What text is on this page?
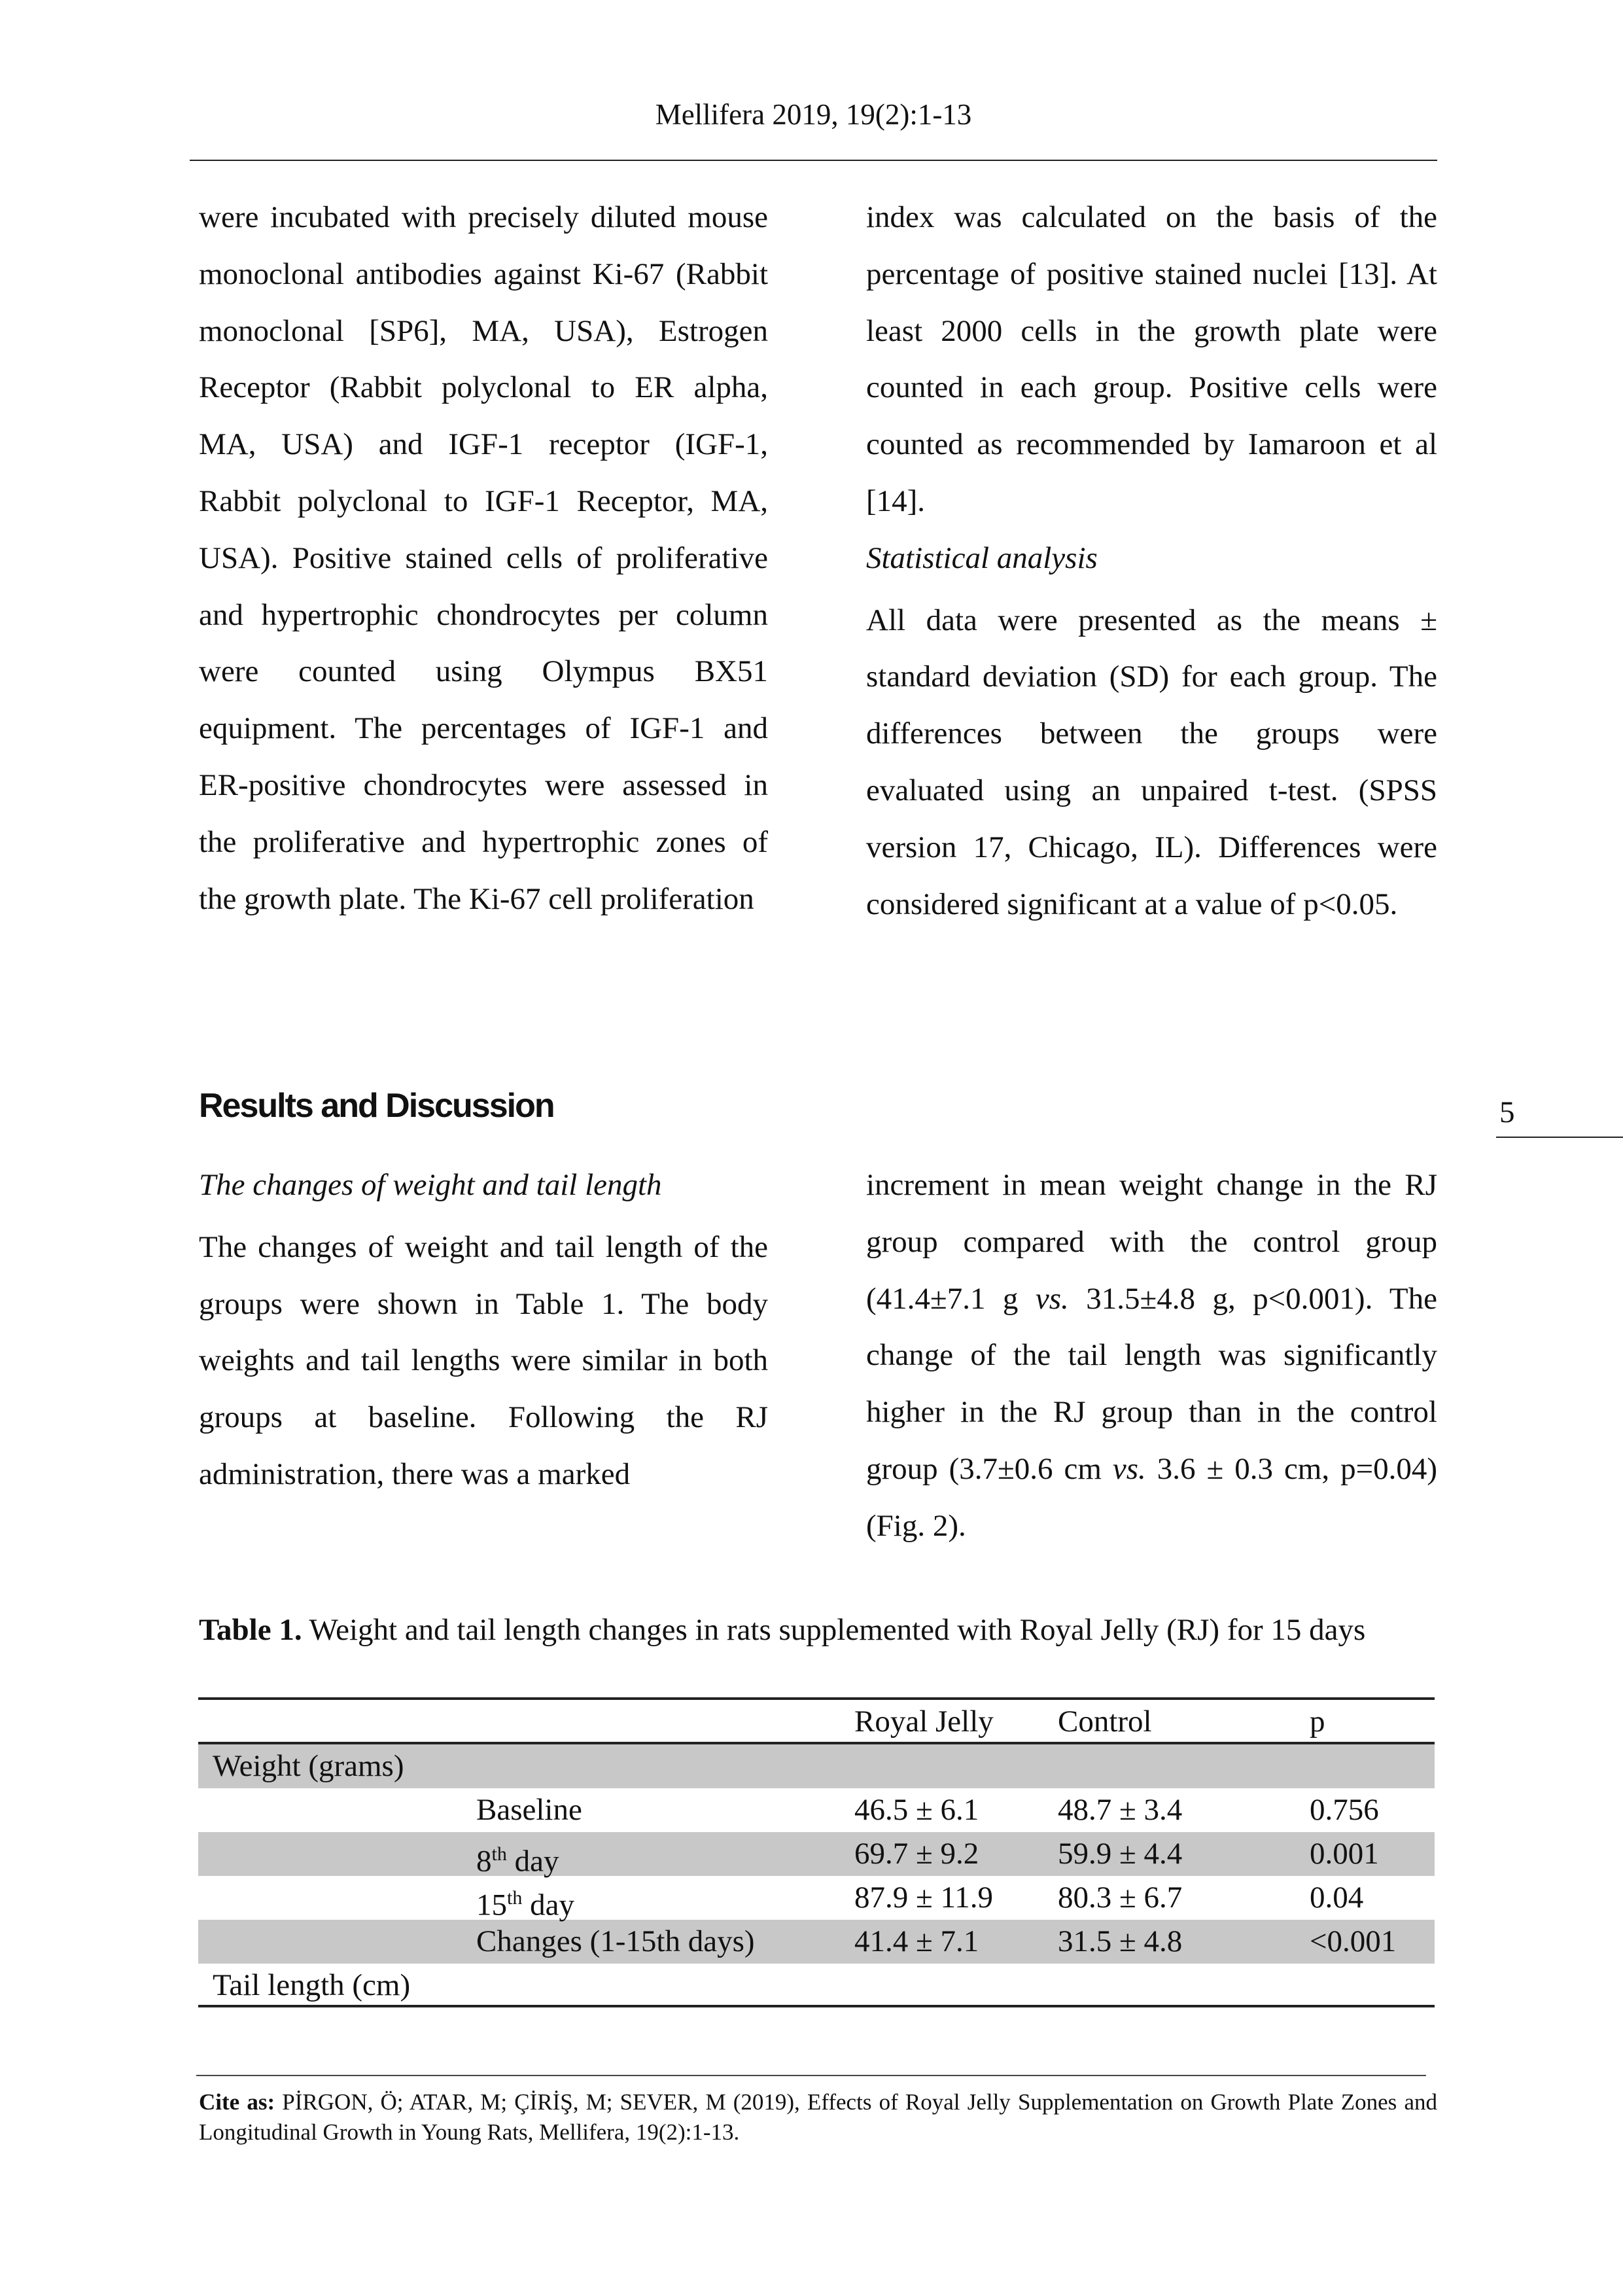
Mellifera 2019, 19(2):1-13

were incubated with precisely diluted mouse monoclonal antibodies against Ki-67 (Rabbit monoclonal [SP6], MA, USA), Estrogen Receptor (Rabbit polyclonal to ER alpha, MA, USA) and IGF-1 receptor (IGF-1, Rabbit polyclonal to IGF-1 Receptor, MA, USA). Positive stained cells of proliferative and hypertrophic chondrocytes per column were counted using Olympus BX51 equipment. The percentages of IGF-1 and ER-positive chondrocytes were assessed in the proliferative and hypertrophic zones of the growth plate. The Ki-67 cell proliferation

index was calculated on the basis of the percentage of positive stained nuclei [13]. At least 2000 cells in the growth plate were counted in each group. Positive cells were counted as recommended by Iamaroon et al [14].

Statistical analysis

All data were presented as the means ± standard deviation (SD) for each group. The differences between the groups were evaluated using an unpaired t-test. (SPSS version 17, Chicago, IL). Differences were considered significant at a value of p<0.05.

Results and Discussion	5

The changes of weight and tail length

The changes of weight and tail length of the groups were shown in Table 1. The body weights and tail lengths were similar in both groups at baseline. Following the RJ administration, there was a marked

increment in mean weight change in the RJ group compared with the control group (41.4±7.1 g vs. 31.5±4.8 g, p<0.001). The change of the tail length was significantly higher in the RJ group than in the control group (3.7±0.6 cm vs. 3.6 ± 0.3 cm, p=0.04) (Fig. 2).

Table 1. Weight and tail length changes in rats supplemented with Royal Jelly (RJ) for 15 days

Royal Jelly	Control	p
Weight (grams)
Baseline	46.5 ± 6.1	48.7 ± 3.4	0.756
8th day	69.7 ± 9.2	59.9 ± 4.4	0.001
15th day	87.9 ± 11.9	80.3 ± 6.7	0.04
Changes (1-15th days)	41.4 ± 7.1	31.5 ± 4.8	<0.001
Tail length (cm)

Cite as: PİRGON, Ö; ATAR, M; ÇİRİŞ, M; SEVER, M (2019), Effects of Royal Jelly Supplementation on Growth Plate Zones and Longitudinal Growth in Young Rats, Mellifera, 19(2):1-13.
